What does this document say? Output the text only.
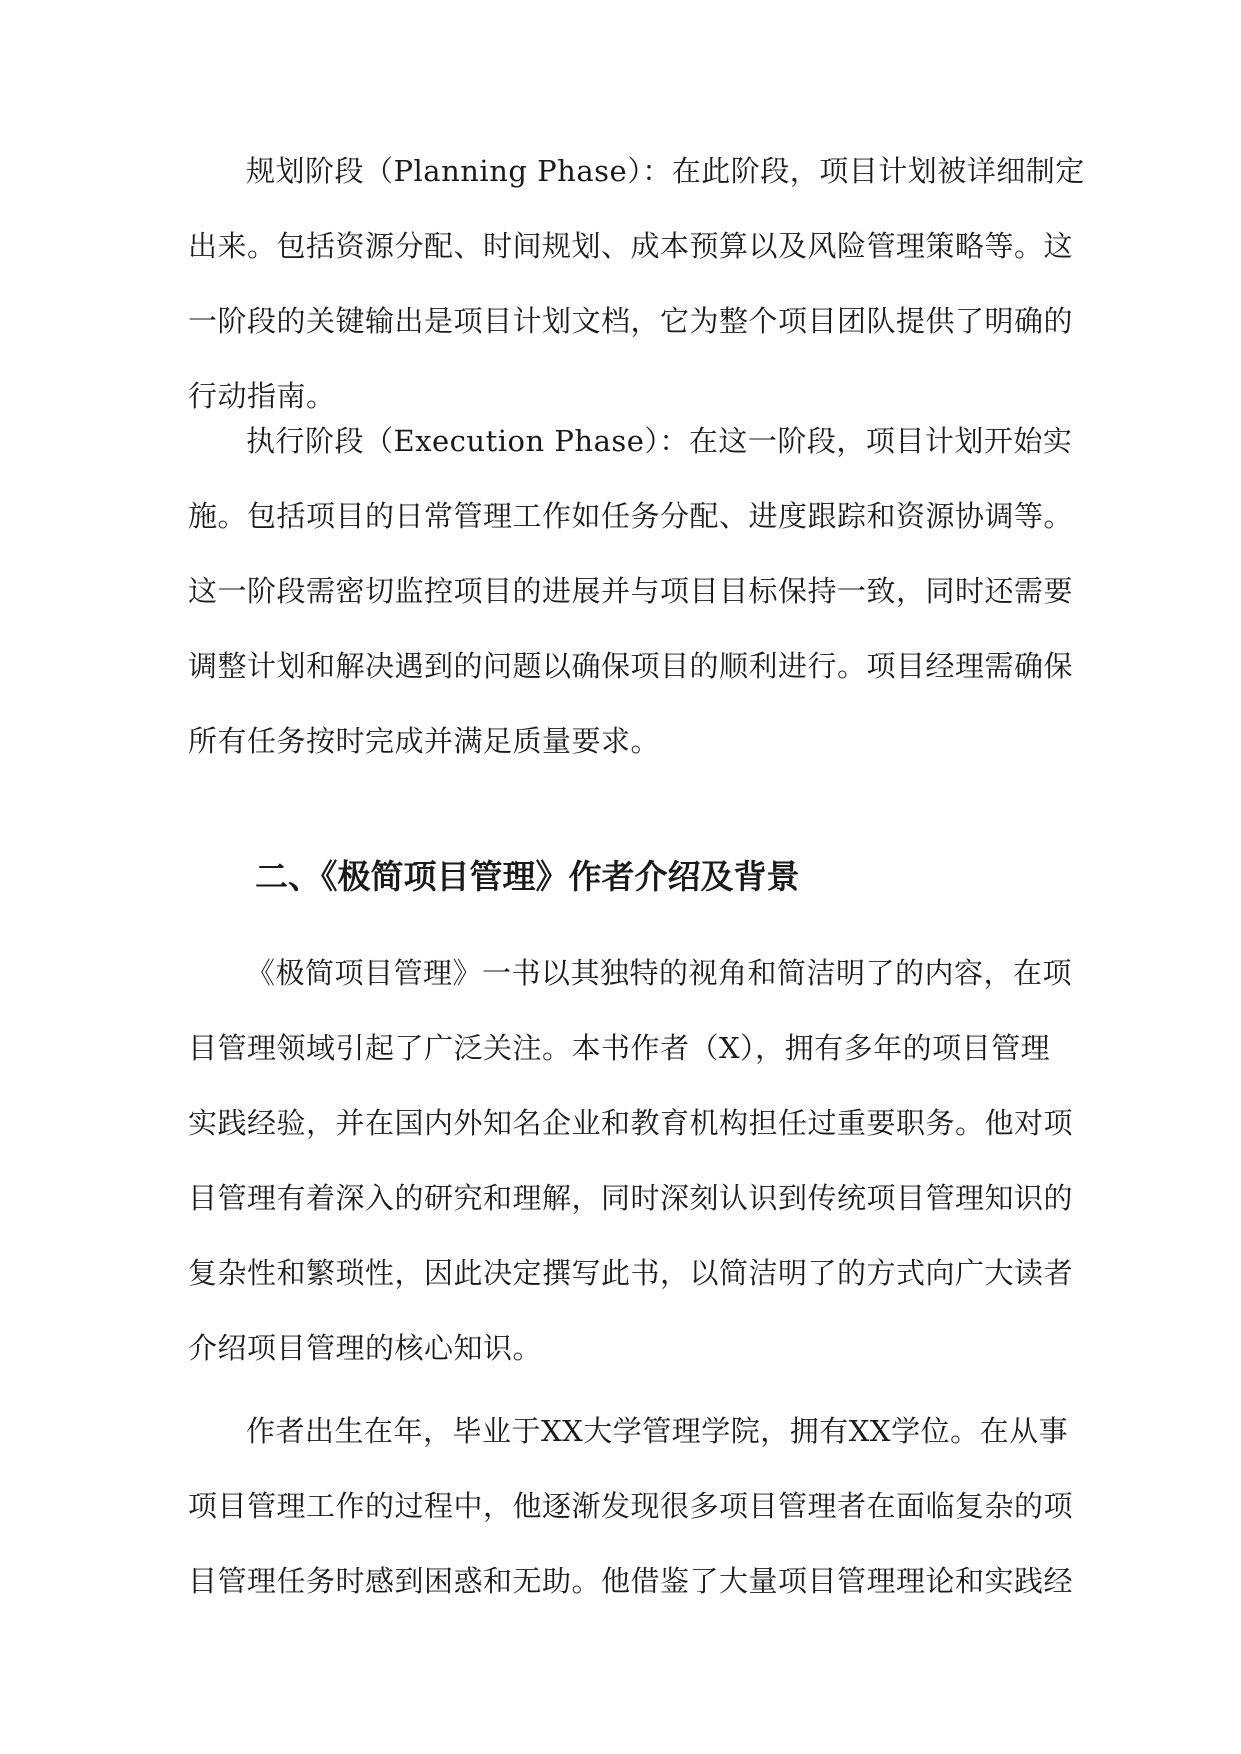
规划阶段（Planning Phase）：在此阶段，项目计划被详细制定
出来。包括资源分配、时间规划、成本预算以及风险管理策略等。这
一阶段的关键输出是项目计划文档，它为整个项目团队提供了明确的
行动指南。

执行阶段（Execution Phase）：在这一阶段，项目计划开始实
施。包括项目的日常管理工作如任务分配、进度跟踪和资源协调等。
这一阶段需密切监控项目的进展并与项目目标保持一致，同时还需要
调整计划和解决遇到的问题以确保项目的顺利进行。项目经理需确保
所有任务按时完成并满足质量要求。

二、《极简项目管理》作者介绍及背景

《极简项目管理》一书以其独特的视角和简洁明了的内容，在项
目管理领域引起了广泛关注。本书作者（X），拥有多年的项目管理
实践经验，并在国内外知名企业和教育机构担任过重要职务。他对项
目管理有着深入的研究和理解，同时深刻认识到传统项目管理知识的
复杂性和繁琐性，因此决定撰写此书，以简洁明了的方式向广大读者
介绍项目管理的核心知识。

作者出生在年，毕业于XX大学管理学院，拥有XX学位。在从事
项目管理工作的过程中，他逐渐发现很多项目管理者在面临复杂的项
目管理任务时感到困惑和无助。他借鉴了大量项目管理理论和实践经
